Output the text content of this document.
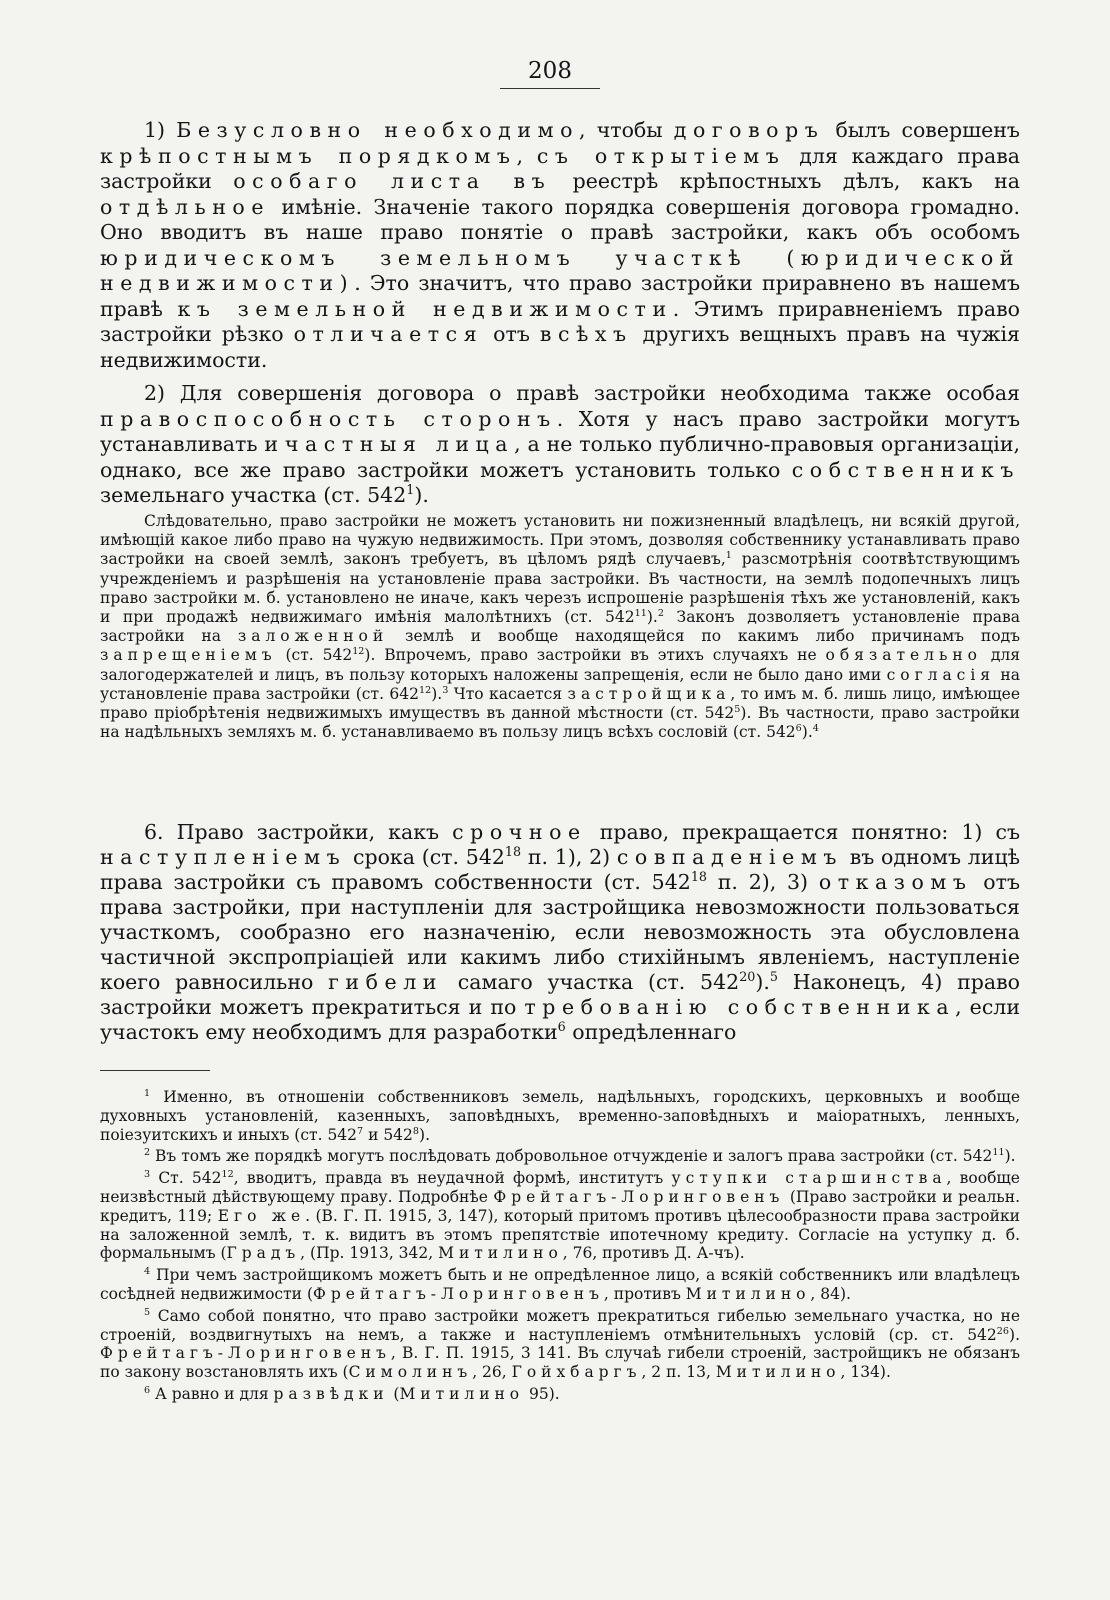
208

1) Безусловно необходимо, чтобы договоръ былъ совершенъ крѣпостнымъ порядкомъ, съ открытіемъ для каждаго права застройки особаго листа въ реестрѣ крѣпостныхъ дѣлъ, какъ на отдѣльное имѣніе. Значеніе такого порядка совершенія договора громадно. Оно вводитъ въ наше право понятіе о правѣ застройки, какъ объ особомъ юридическомъ земельномъ участкѣ (юридической недвижимости). Это значитъ, что право застройки приравнено въ нашемъ правѣ къ земельной недвижимости. Этимъ приравненіемъ право застройки рѣзко отличается отъ всѣхъ другихъ вещныхъ правъ на чужія недвижимости.

2) Для совершенія договора о правѣ застройки необходима также особая правоспособность сторонъ. Хотя у насъ право застройки могутъ устанавливать и частныя лица, а не только публично-правовыя организаціи, однако, все же право застройки можетъ установить только собственникъ земельнаго участка (ст. $542^1$).

Слѣдовательно, право застройки не можетъ установить ни пожизненный владѣлецъ, ни всякій другой, имѣющій какое либо право на чужую недвижимость. При этомъ, дозволяя собственнику устанавливать право застройки на своей землѣ, законъ требуетъ, въ цѣломъ рядѣ случаевъ,$^1$ разсмотрѣнія соотвѣтствующимъ учрежденіемъ и разрѣшенія на установленіе права застройки. Въ частности, на землѣ подопечныхъ лицъ право застройки м. б. установлено не иначе, какъ черезъ испрошеніе разрѣшенія тѣхъ же установленій, какъ и при продажѣ недвижимаго имѣнія малолѣтнихъ (ст. $542^{11}).^2$ Законъ дозволяетъ установленіе права застройки на заложенной землѣ и вообще находящейся по какимъ либо причинамъ подъ запрещеніемъ (ст. $542^{12}$). Впрочемъ, право застройки въ этихъ случаяхъ не обязательно для залогодержателей и лицъ, въ пользу которыхъ наложены запрещенія, если не было дано ими согласія на установленіе права застройки (ст. $642^{12}).^3$ Что касается застройщика, то имъ м. б. лишь лицо, имѣющее право пріобрѣтенія недвижимыхъ имуществъ въ данной мѣстности (ст. $542^5$). Въ частности, право застройки на надѣльныхъ земляхъ м. б. устанавливаемо въ пользу лицъ всѣхъ сословій (ст. $542^6).^4$

6. Право застройки, какъ срочное право, прекращается понятно: 1) съ наступленіемъ срока (ст. $542^{18}$ п. 1), 2) совпаденіемъ въ одномъ лицѣ права застройки съ правомъ собственности (ст. $542^{18}$ п. 2), 3) отказомъ отъ права застройки, при наступленіи для застройщика невозможности пользоваться участкомъ, сообразно его назначенію, если невозможность эта обусловлена частичной экспропріаціей или какимъ либо стихійнымъ явленіемъ, наступленіе коего равносильно гибели самаго участка (ст. $542^{20}).^5$ Наконецъ, 4) право застройки можетъ прекратиться и по требованію собственника, если участокъ ему необходимъ для разработки$^6$ опредѣленнаго

$^1$ Именно, въ отношеніи собственниковъ земель, надѣльныхъ, городскихъ, церковныхъ и вообще духовныхъ установленій, казенныхъ, заповѣдныхъ, временно-заповѣдныхъ и маіоратныхъ, ленныхъ, поіезуитскихъ и иныхъ (ст. $542^7$ и $542^8$).

$^2$ Въ томъ же порядкѣ могутъ послѣдовать добровольное отчужденіе и залогъ права застройки (ст. $542^{11}$).

$^3$ Ст. $542^{12}$, вводитъ, правда въ неудачной формѣ, институтъ уступки старшинства, вообще неизвѣстный дѣйствующему праву. Подробнѣе Фрейтагъ-Лоринговенъ (Право застройки и реальн. кредитъ, 119; Его же. (В. Г. П. 1915, 3, 147), который притомъ противъ цѣлесообразности права застройки на заложенной землѣ, т. к. видитъ въ этомъ препятствіе ипотечному кредиту. Согласіе на уступку д. б. формальнымъ (Градъ, (Пр. 1913, 342, Митилино, 76, противъ Д. А-чъ).

$^4$ При чемъ застройщикомъ можетъ быть и не опредѣленное лицо, а всякій собственникъ или владѣлецъ сосѣдней недвижимости (Фрейтагъ-Лоринговенъ, противъ Митилино, 84).

$^5$ Само собой понятно, что право застройки можетъ прекратиться гибелью земельнаго участка, но не строеній, воздвигнутыхъ на немъ, а также и наступленіемъ отмѣнительныхъ условій (ср. ст. $542^{26}$). Фрейтагъ-Лоринговенъ, В. Г. П. 1915, 3 141. Въ случаѣ гибели строеній, застройщикъ не обязанъ по закону возстановлять ихъ (Симолинъ, 26, Гойхбаргъ, 2 п. 13, Митилино, 134).

$^6$ А равно и для развѣдки (Митилино 95).
